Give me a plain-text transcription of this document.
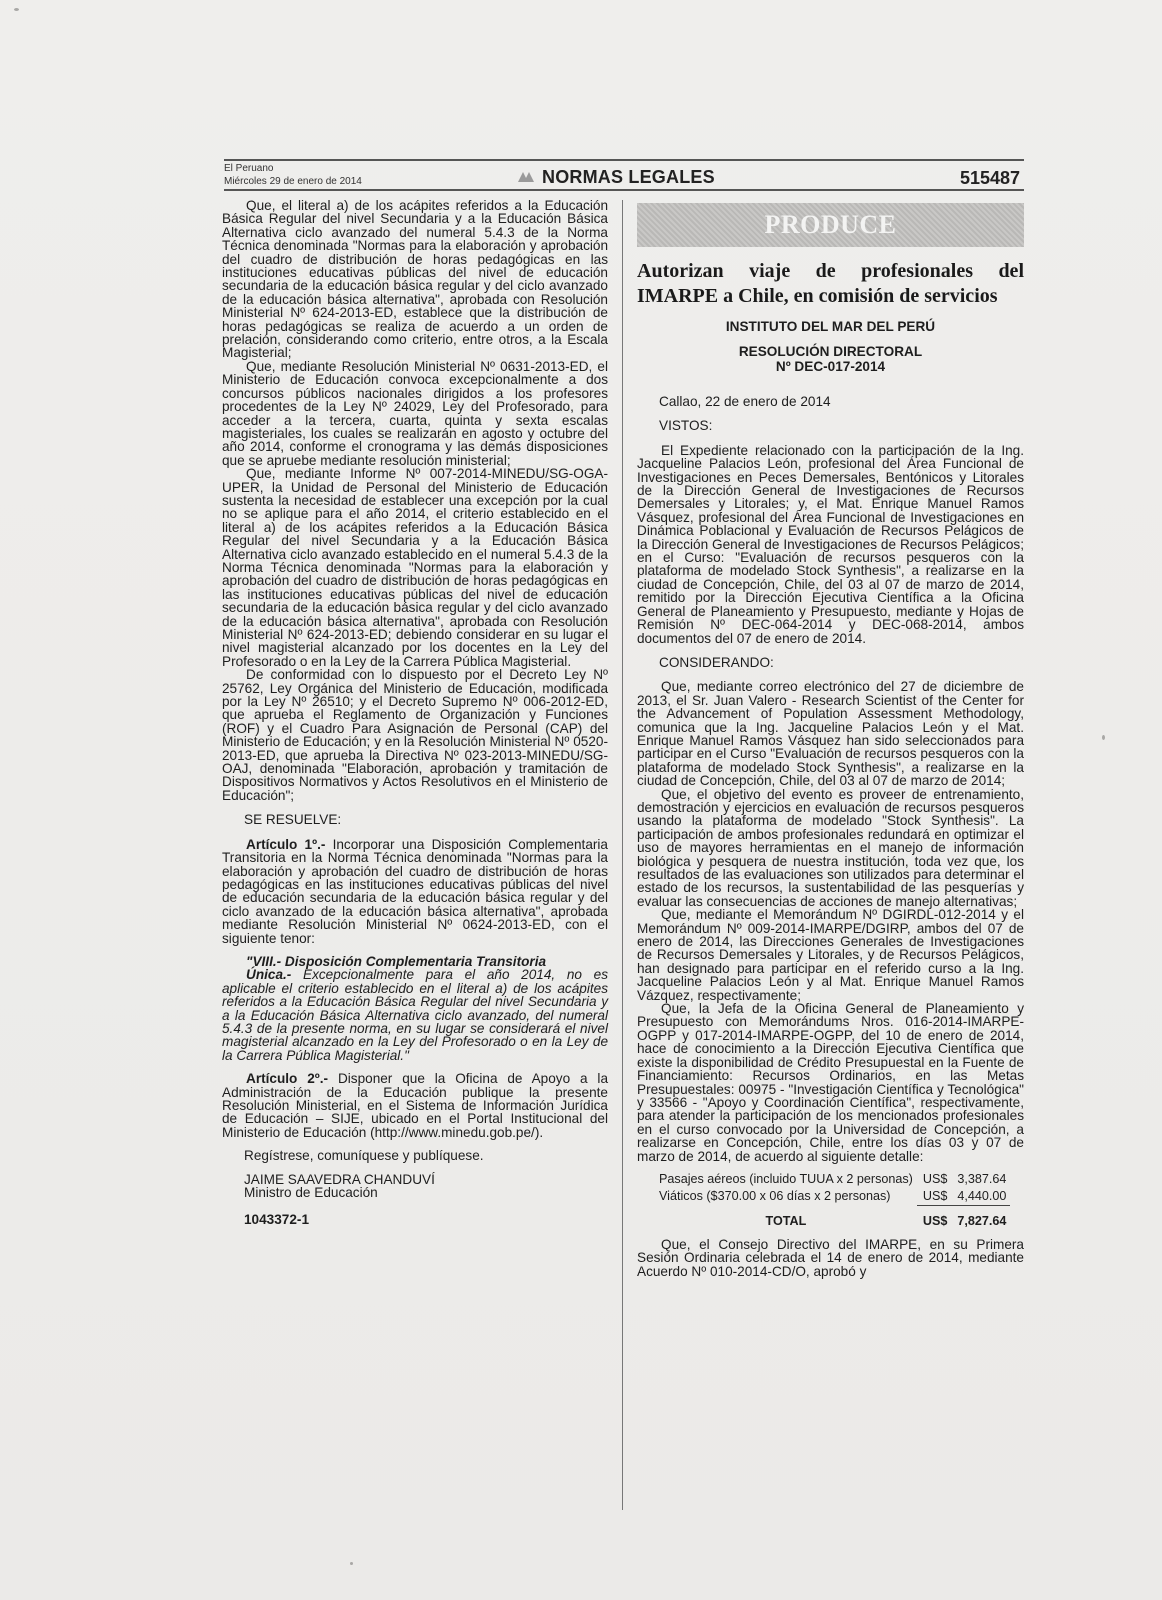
El Peruano
Miércoles 29 de enero de 2014	NORMAS LEGALES	515487

Que, el literal a) de los acápites referidos a la Educación Básica Regular del nivel Secundaria y a la Educación Básica Alternativa ciclo avanzado del numeral 5.4.3 de la Norma Técnica denominada "Normas para la elaboración y aprobación del cuadro de distribución de horas pedagógicas en las instituciones educativas públicas del nivel de educación secundaria de la educación básica regular y del ciclo avanzado de la educación básica alternativa", aprobada con Resolución Ministerial Nº 624-2013-ED, establece que la distribución de horas pedagógicas se realiza de acuerdo a un orden de prelación, considerando como criterio, entre otros, a la Escala Magisterial;

Que, mediante Resolución Ministerial Nº 0631-2013-ED, el Ministerio de Educación convoca excepcionalmente a dos concursos públicos nacionales dirigidos a los profesores procedentes de la Ley Nº 24029, Ley del Profesorado, para acceder a la tercera, cuarta, quinta y sexta escalas magisteriales, los cuales se realizarán en agosto y octubre del año 2014, conforme el cronograma y las demás disposiciones que se apruebe mediante resolución ministerial;

Que, mediante Informe Nº 007-2014-MINEDU/SG-OGA-UPER, la Unidad de Personal del Ministerio de Educación sustenta la necesidad de establecer una excepción por la cual no se aplique para el año 2014, el criterio establecido en el literal a) de los acápites referidos a la Educación Básica Regular del nivel Secundaria y a la Educación Básica Alternativa ciclo avanzado establecido en el numeral 5.4.3 de la Norma Técnica denominada "Normas para la elaboración y aprobación del cuadro de distribución de horas pedagógicas en las instituciones educativas públicas del nivel de educación secundaria de la educación básica regular y del ciclo avanzado de la educación básica alternativa", aprobada con Resolución Ministerial Nº 624-2013-ED; debiendo considerar en su lugar el nivel magisterial alcanzado por los docentes en la Ley del Profesorado o en la Ley de la Carrera Pública Magisterial.

De conformidad con lo dispuesto por el Decreto Ley Nº 25762, Ley Orgánica del Ministerio de Educación, modificada por la Ley Nº 26510; y el Decreto Supremo Nº 006-2012-ED, que aprueba el Reglamento de Organización y Funciones (ROF) y el Cuadro Para Asignación de Personal (CAP) del Ministerio de Educación; y en la Resolución Ministerial Nº 0520-2013-ED, que aprueba la Directiva Nº 023-2013-MINEDU/SG-OAJ, denominada "Elaboración, aprobación y tramitación de Dispositivos Normativos y Actos Resolutivos en el Ministerio de Educación";

SE RESUELVE:

Artículo 1º.- Incorporar una Disposición Complementaria Transitoria en la Norma Técnica denominada "Normas para la elaboración y aprobación del cuadro de distribución de horas pedagógicas en las instituciones educativas públicas del nivel de educación secundaria de la educación básica regular y del ciclo avanzado de la educación básica alternativa", aprobada mediante Resolución Ministerial Nº 0624-2013-ED, con el siguiente tenor:

"VIII.- Disposición Complementaria Transitoria

Única.- Excepcionalmente para el año 2014, no es aplicable el criterio establecido en el literal a) de los acápites referidos a la Educación Básica Regular del nivel Secundaria y a la Educación Básica Alternativa ciclo avanzado, del numeral 5.4.3 de la presente norma, en su lugar se considerará el nivel magisterial alcanzado en la Ley del Profesorado o en la Ley de la Carrera Pública Magisterial."

Artículo 2º.- Disponer que la Oficina de Apoyo a la Administración de la Educación publique la presente Resolución Ministerial, en el Sistema de Información Jurídica de Educación – SIJE, ubicado en el Portal Institucional del Ministerio de Educación (http://www.minedu.gob.pe/).

Regístrese, comuníquese y publíquese.

JAIME SAAVEDRA CHANDUVÍ

Ministro de Educación

1043372-1

PRODUCE
Autorizan viaje de profesionales del IMARPE a Chile, en comisión de servicios
INSTITUTO DEL MAR DEL PERÚ
RESOLUCIÓN DIRECTORAL
Nº DEC-017-2014

Callao, 22 de enero de 2014

VISTOS:

El Expediente relacionado con la participación de la Ing. Jacqueline Palacios León, profesional del Área Funcional de Investigaciones en Peces Demersales, Bentónicos y Litorales de la Dirección General de Investigaciones de Recursos Demersales y Litorales; y, el Mat. Enrique Manuel Ramos Vásquez, profesional del Área Funcional de Investigaciones en Dinámica Poblacional y Evaluación de Recursos Pelágicos de la Dirección General de Investigaciones de Recursos Pelágicos; en el Curso: "Evaluación de recursos pesqueros con la plataforma de modelado Stock Synthesis", a realizarse en la ciudad de Concepción, Chile, del 03 al 07 de marzo de 2014, remitido por la Dirección Ejecutiva Científica a la Oficina General de Planeamiento y Presupuesto, mediante y Hojas de Remisión Nº DEC-064-2014 y DEC-068-2014, ambos documentos del 07 de enero de 2014.

CONSIDERANDO:

Que, mediante correo electrónico del 27 de diciembre de 2013, el Sr. Juan Valero - Research Scientist of the Center for the Advancement of Population Assessment Methodology, comunica que la Ing. Jacqueline Palacios León y el Mat. Enrique Manuel Ramos Vásquez han sido seleccionados para participar en el Curso "Evaluación de recursos pesqueros con la plataforma de modelado Stock Synthesis", a realizarse en la ciudad de Concepción, Chile, del 03 al 07 de marzo de 2014;

Que, el objetivo del evento es proveer de entrenamiento, demostración y ejercicios en evaluación de recursos pesqueros usando la plataforma de modelado "Stock Synthesis". La participación de ambos profesionales redundará en optimizar el uso de mayores herramientas en el manejo de información biológica y pesquera de nuestra institución, toda vez que, los resultados de las evaluaciones son utilizados para determinar el estado de los recursos, la sustentabilidad de las pesquerías y evaluar las consecuencias de acciones de manejo alternativas;

Que, mediante el Memorándum Nº DGIRDL-012-2014 y el Memorándum Nº 009-2014-IMARPE/DGIRP, ambos del 07 de enero de 2014, las Direcciones Generales de Investigaciones de Recursos Demersales y Litorales, y de Recursos Pelágicos, han designado para participar en el referido curso a la Ing. Jacqueline Palacios León y al Mat. Enrique Manuel Ramos Vázquez, respectivamente;

Que, la Jefa de la Oficina General de Planeamiento y Presupuesto con Memorándums Nros. 016-2014-IMARPE-OGPP y 017-2014-IMARPE-OGPP, del 10 de enero de 2014, hace de conocimiento a la Dirección Ejecutiva Científica que existe la disponibilidad de Crédito Presupuestal en la Fuente de Financiamiento: Recursos Ordinarios, en las Metas Presupuestales: 00975 - "Investigación Científica y Tecnológica" y 33566 - "Apoyo y Coordinación Científica", respectivamente, para atender la participación de los mencionados profesionales en el curso convocado por la Universidad de Concepción, a realizarse en Concepción, Chile, entre los días 03 y 07 de marzo de 2014, de acuerdo al siguiente detalle:

Pasajes aéreos (incluido TUUA x 2 personas)	US$	3,387.64
Viáticos ($370.00 x 06 días x 2 personas)	US$	4,440.00
TOTAL	US$	7,827.64

Que, el Consejo Directivo del IMARPE, en su Primera Sesión Ordinaria celebrada el 14 de enero de 2014, mediante Acuerdo Nº 010-2014-CD/O, aprobó y
